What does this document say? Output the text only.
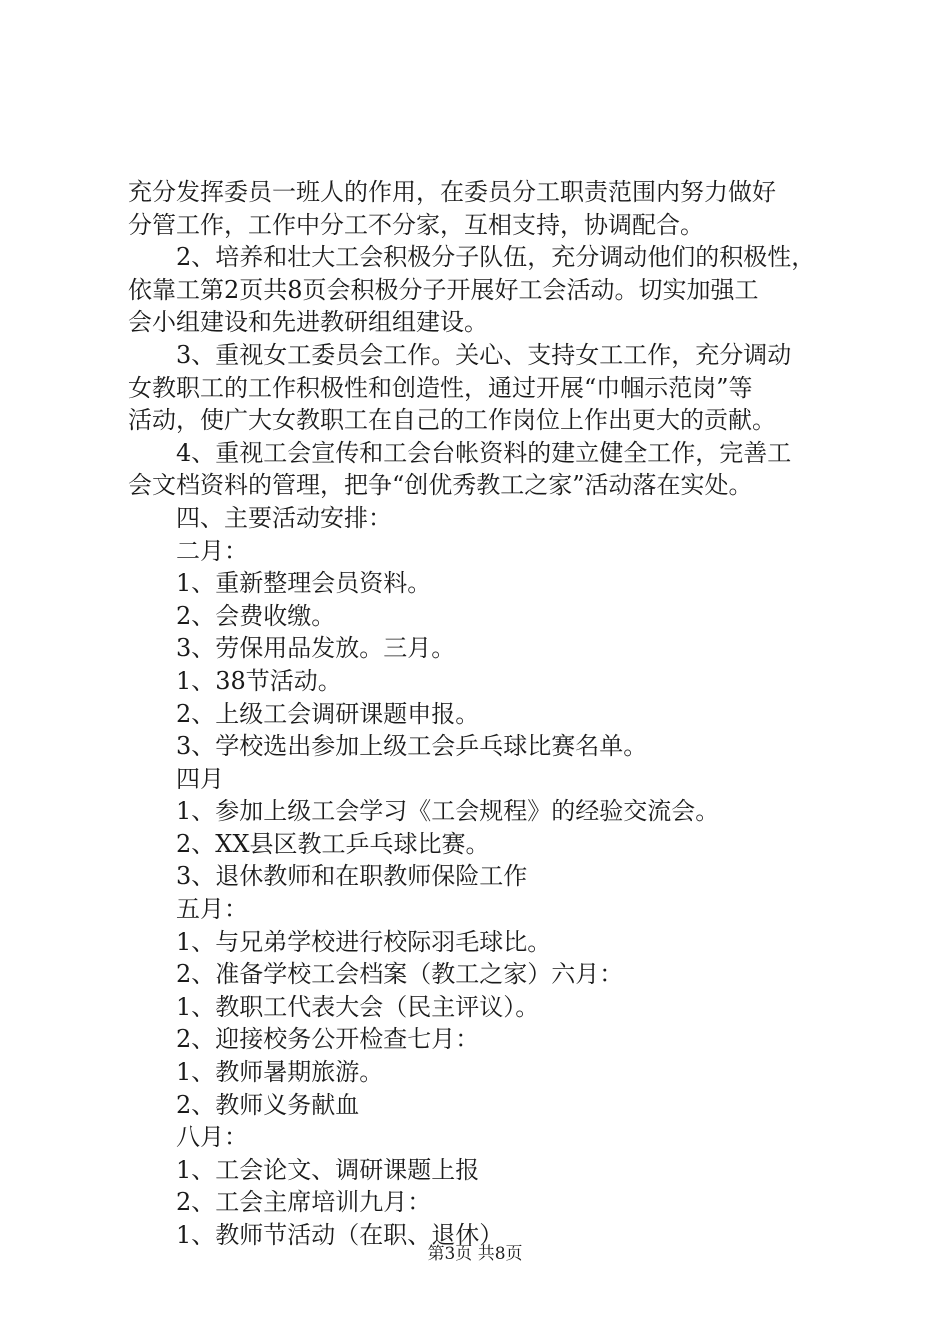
充分发挥委员一班人的作用，在委员分工职责范围内努力做好
分管工作，工作中分工不分家，互相支持，协调配合。
2、培养和壮大工会积极分子队伍，充分调动他们的积极性，
依靠工第2页共8页会积极分子开展好工会活动。切实加强工
会小组建设和先进教研组组建设。
3、重视女工委员会工作。关心、支持女工工作，充分调动
女教职工的工作积极性和创造性，通过开展“巾帼示范岗”等
活动，使广大女教职工在自己的工作岗位上作出更大的贡献。
4、重视工会宣传和工会台帐资料的建立健全工作，完善工
会文档资料的管理，把争“创优秀教工之家”活动落在实处。
四、主要活动安排：
二月：
1、重新整理会员资料。
2、会费收缴。
3、劳保用品发放。三月。
1、38节活动。
2、上级工会调研课题申报。
3、学校选出参加上级工会乒乓球比赛名单。
四月
1、参加上级工会学习《工会规程》的经验交流会。
2、XX县区教工乒乓球比赛。
3、退休教师和在职教师保险工作
五月：
1、与兄弟学校进行校际羽毛球比。
2、准备学校工会档案（教工之家）六月：
1、教职工代表大会（民主评议）。
2、迎接校务公开检查七月：
1、教师暑期旅游。
2、教师义务献血
八月：
1、工会论文、调研课题上报
2、工会主席培训九月：
1、教师节活动（在职、退休）
第3页 共8页
